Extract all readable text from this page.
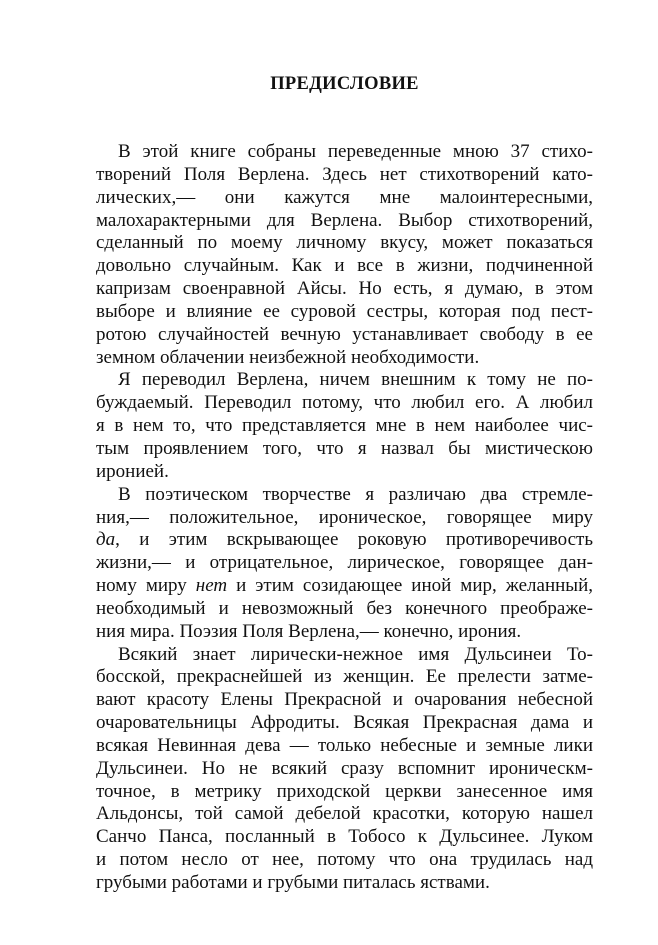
ПРЕДИСЛОВИЕ
В этой книге собраны переведенные мною 37 стихо-
творений Поля Верлена. Здесь нет стихотворений като-
лических,— они кажутся мне малоинтересными,
малохарактерными для Верлена. Выбор стихотворений,
сделанный по моему личному вкусу, может показаться
довольно случайным. Как и все в жизни, подчиненной
капризам своенравной Айсы. Но есть, я думаю, в этом
выборе и влияние ее суровой сестры, которая под пест-
ротою случайностей вечную устанавливает свободу в ее
земном облачении неизбежной необходимости.
Я переводил Верлена, ничем внешним к тому не по-
буждаемый. Переводил потому, что любил его. А любил
я в нем то, что представляется мне в нем наиболее чис-
тым проявлением того, что я назвал бы мистическою
иронией.
В поэтическом творчестве я различаю два стремле-
ния,— положительное, ироническое, говорящее миру
да, и этим вскрывающее роковую противоречивость
жизни,— и отрицательное, лирическое, говорящее дан-
ному миру нет и этим созидающее иной мир, желанный,
необходимый и невозможный без конечного преображе-
ния мира. Поэзия Поля Верлена,— конечно, ирония.
Всякий знает лирически-нежное имя Дульсинеи То-
босской, прекраснейшей из женщин. Ее прелести затме-
вают красоту Елены Прекрасной и очарования небесной
очаровательницы Афродиты. Всякая Прекрасная дама и
всякая Невинная дева — только небесные и земные лики
Дульсинеи. Но не всякий сразу вспомнит ироническм-
точное, в метрику приходской церкви занесенное имя
Альдонсы, той самой дебелой красотки, которую нашел
Санчо Панса, посланный в Тобосо к Дульсинее. Луком
и потом несло от нее, потому что она трудилась над
грубыми работами и грубыми питалась яствами.
